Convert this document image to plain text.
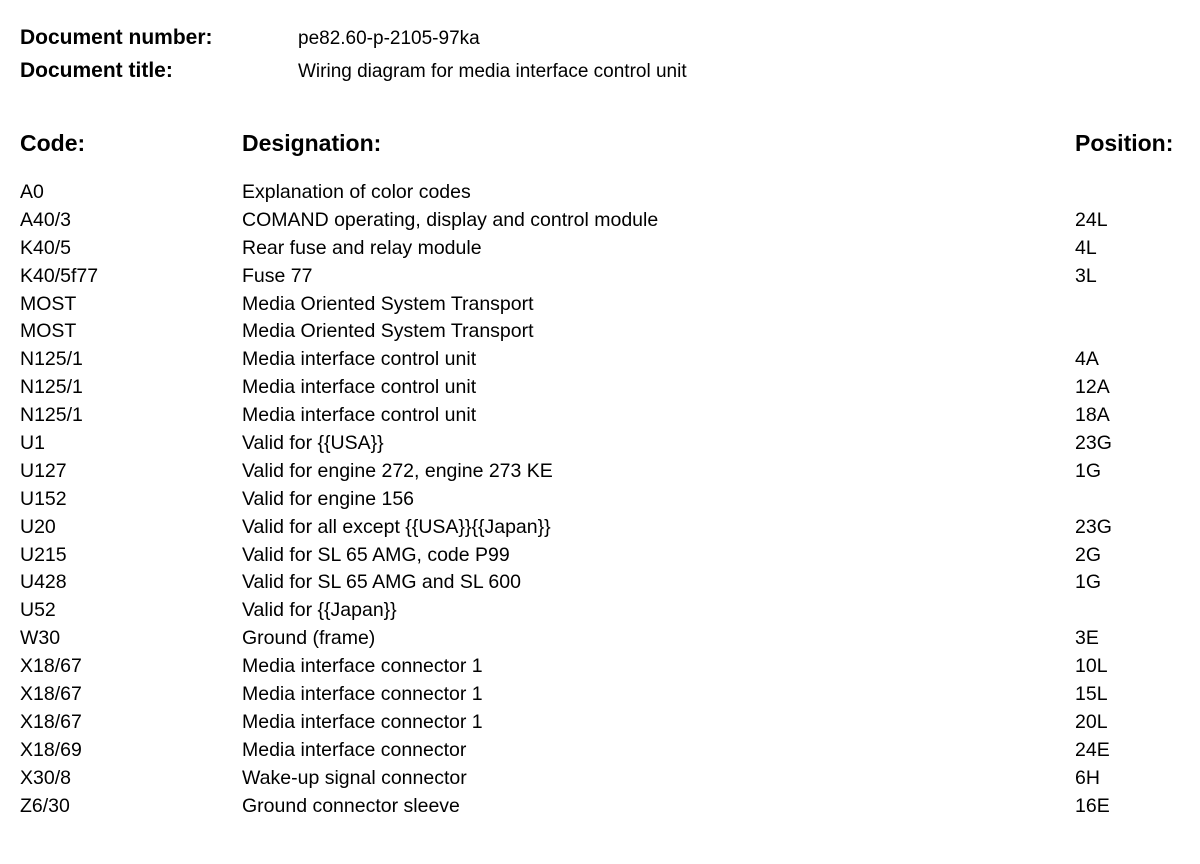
Document number:	pe82.60-p-2105-97ka
Document title:	Wiring diagram for media interface control unit
Code:	Designation:	Position:
A0	Explanation of color codes
A40/3	COMAND operating, display and control module	24L
K40/5	Rear fuse and relay module	4L
K40/5f77	Fuse 77	3L
MOST	Media Oriented System Transport
MOST	Media Oriented System Transport
N125/1	Media interface control unit	4A
N125/1	Media interface control unit	12A
N125/1	Media interface control unit	18A
U1	Valid for {{USA}}	23G
U127	Valid for engine 272, engine 273 KE	1G
U152	Valid for engine 156
U20	Valid for all except {{USA}}{{Japan}}	23G
U215	Valid for SL 65 AMG, code P99	2G
U428	Valid for SL 65 AMG and SL 600	1G
U52	Valid for {{Japan}}
W30	Ground (frame)	3E
X18/67	Media interface connector 1	10L
X18/67	Media interface connector 1	15L
X18/67	Media interface connector 1	20L
X18/69	Media interface connector	24E
X30/8	Wake-up signal connector	6H
Z6/30	Ground connector sleeve	16E
